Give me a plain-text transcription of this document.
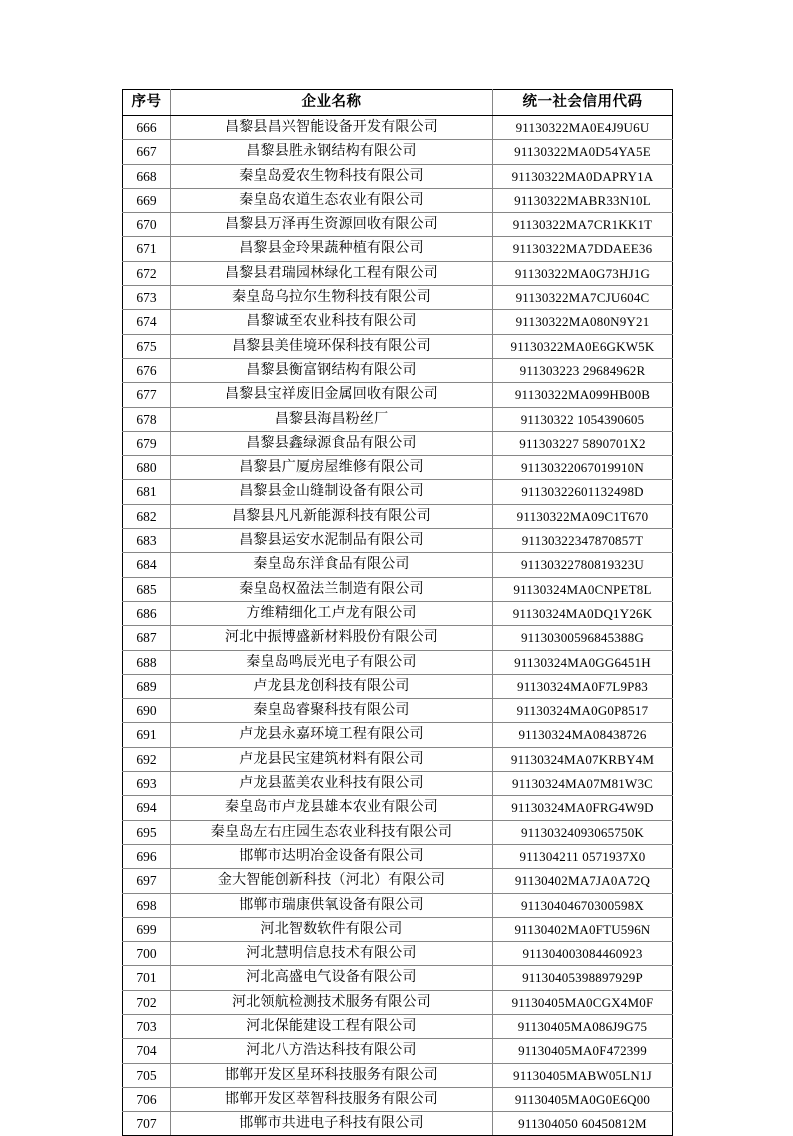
序号	企业名称	统一社会信用代码
666	昌黎县昌兴智能设备开发有限公司	91130322MA0E4J9U6U
667	昌黎县胜永钢结构有限公司	91130322MA0D54YA5E
668	秦皇岛爱农生物科技有限公司	91130322MA0DAPRY1A
669	秦皇岛农道生态农业有限公司	91130322MABR33N10L
670	昌黎县万泽再生资源回收有限公司	91130322MA7CR1KK1T
671	昌黎县金玲果蔬种植有限公司	91130322MA7DDAEE36
672	昌黎县君瑞园林绿化工程有限公司	91130322MA0G73HJ1G
673	秦皇岛乌拉尔生物科技有限公司	91130322MA7CJU604C
674	昌黎诚至农业科技有限公司	91130322MA080N9Y21
675	昌黎县美佳境环保科技有限公司	91130322MA0E6GKW5K
676	昌黎县衡富钢结构有限公司	911303223 29684962R
677	昌黎县宝祥废旧金属回收有限公司	91130322MA099HB00B
678	昌黎县海昌粉丝厂	91130322 1054390605
679	昌黎县鑫绿源食品有限公司	911303227 5890701X2
680	昌黎县广厦房屋维修有限公司	91130322067019910N
681	昌黎县金山缝制设备有限公司	91130322601132498D
682	昌黎县凡凡新能源科技有限公司	91130322MA09C1T670
683	昌黎县运安水泥制品有限公司	91130322347870857T
684	秦皇岛东洋食品有限公司	91130322780819323U
685	秦皇岛权盈法兰制造有限公司	91130324MA0CNPET8L
686	方维精细化工卢龙有限公司	91130324MA0DQ1Y26K
687	河北中振博盛新材料股份有限公司	91130300596845388G
688	秦皇岛鸣辰光电子有限公司	91130324MA0GG6451H
689	卢龙县龙创科技有限公司	91130324MA0F7L9P83
690	秦皇岛睿聚科技有限公司	91130324MA0G0P8517
691	卢龙县永嘉环境工程有限公司	91130324MA08438726
692	卢龙县民宝建筑材料有限公司	91130324MA07KRBY4M
693	卢龙县蓝美农业科技有限公司	91130324MA07M81W3C
694	秦皇岛市卢龙县雄本农业有限公司	91130324MA0FRG4W9D
695	秦皇岛左右庄园生态农业科技有限公司	91130324093065750K
696	邯郸市达明冶金设备有限公司	911304211 0571937X0
697	金大智能创新科技（河北）有限公司	91130402MA7JA0A72Q
698	邯郸市瑞康供氧设备有限公司	91130404670300598X
699	河北智数软件有限公司	91130402MA0FTU596N
700	河北慧明信息技术有限公司	911304003084460923
701	河北高盛电气设备有限公司	91130405398897929P
702	河北领航检测技术服务有限公司	91130405MA0CGX4M0F
703	河北保能建设工程有限公司	91130405MA086J9G75
704	河北八方浩达科技有限公司	91130405MA0F472399
705	邯郸开发区星环科技服务有限公司	91130405MABW05LN1J
706	邯郸开发区萃智科技服务有限公司	91130405MA0G0E6Q00
707	邯郸市共进电子科技有限公司	911304050 60450812M
